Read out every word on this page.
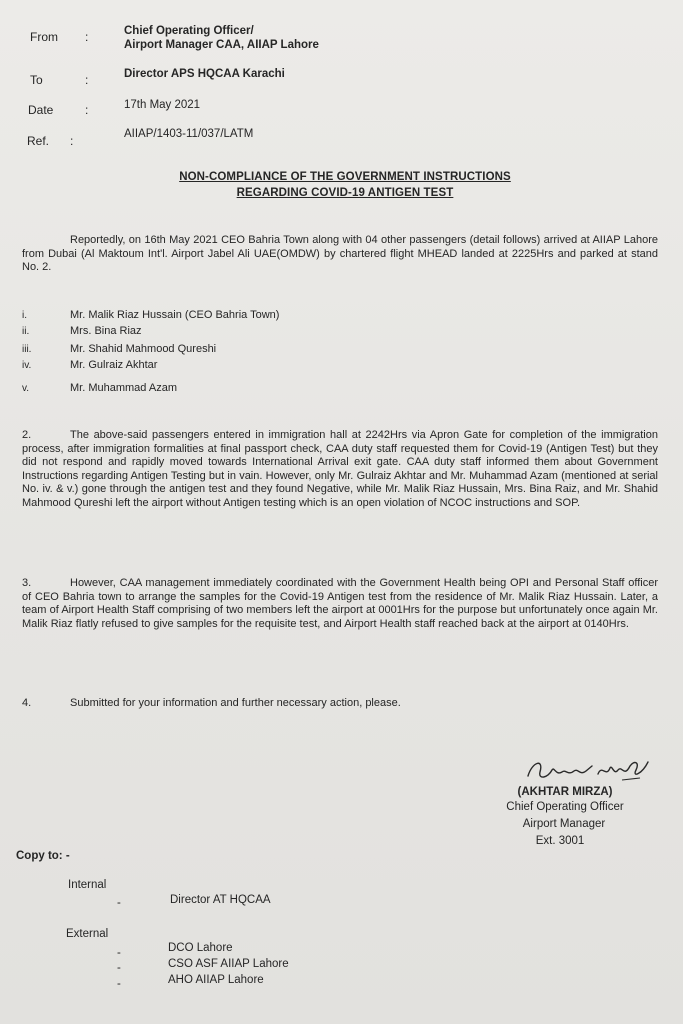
From :	Chief Operating Officer/
Airport Manager CAA, AIIAP Lahore
To	:	Director APS HQCAA Karachi
Date	:	17th May 2021
Ref. :	AIIAP/1403-11/037/LATM
NON-COMPLIANCE OF THE GOVERNMENT INSTRUCTIONS
REGARDING COVID-19 ANTIGEN TEST
Reportedly, on 16th May 2021 CEO Bahria Town along with 04 other passengers (detail follows) arrived at AIIAP Lahore from Dubai (Al Maktoum Int'l. Airport Jabel Ali UAE(OMDW) by chartered flight MHEAD landed at 2225Hrs and parked at stand No. 2.
i.	Mr. Malik Riaz Hussain (CEO Bahria Town)
ii.	Mrs. Bina Riaz
iii.	Mr. Shahid Mahmood Qureshi
iv.	Mr. Gulraiz Akhtar
v.	Mr. Muhammad Azam
2.	The above-said passengers entered in immigration hall at 2242Hrs via Apron Gate for completion of the immigration process, after immigration formalities at final passport check, CAA duty staff requested them for Covid-19 (Antigen Test) but they did not respond and rapidly moved towards International Arrival exit gate. CAA duty staff informed them about Government Instructions regarding Antigen Testing but in vain. However, only Mr. Gulraiz Akhtar and Mr. Muhammad Azam (mentioned at serial No. iv. & v.) gone through the antigen test and they found Negative, while Mr. Malik Riaz Hussain, Mrs. Bina Raiz, and Mr. Shahid Mahmood Qureshi left the airport without Antigen testing which is an open violation of NCOC instructions and SOP.
3.	However, CAA management immediately coordinated with the Government Health being OPI and Personal Staff officer of CEO Bahria town to arrange the samples for the Covid-19 Antigen test from the residence of Mr. Malik Riaz Hussain. Later, a team of Airport Health Staff comprising of two members left the airport at 0001Hrs for the purpose but unfortunately once again Mr. Malik Riaz flatly refused to give samples for the requisite test, and Airport Health staff reached back at the airport at 0140Hrs.
4.	Submitted for your information and further necessary action, please.
(AKHTAR MIRZA)
Chief Operating Officer
Airport Manager
Ext. 3001
Copy to: -
Internal
-	Director AT HQCAA
External
-	DCO Lahore
-	CSO ASF AIIAP Lahore
-	AHO AIIAP Lahore
